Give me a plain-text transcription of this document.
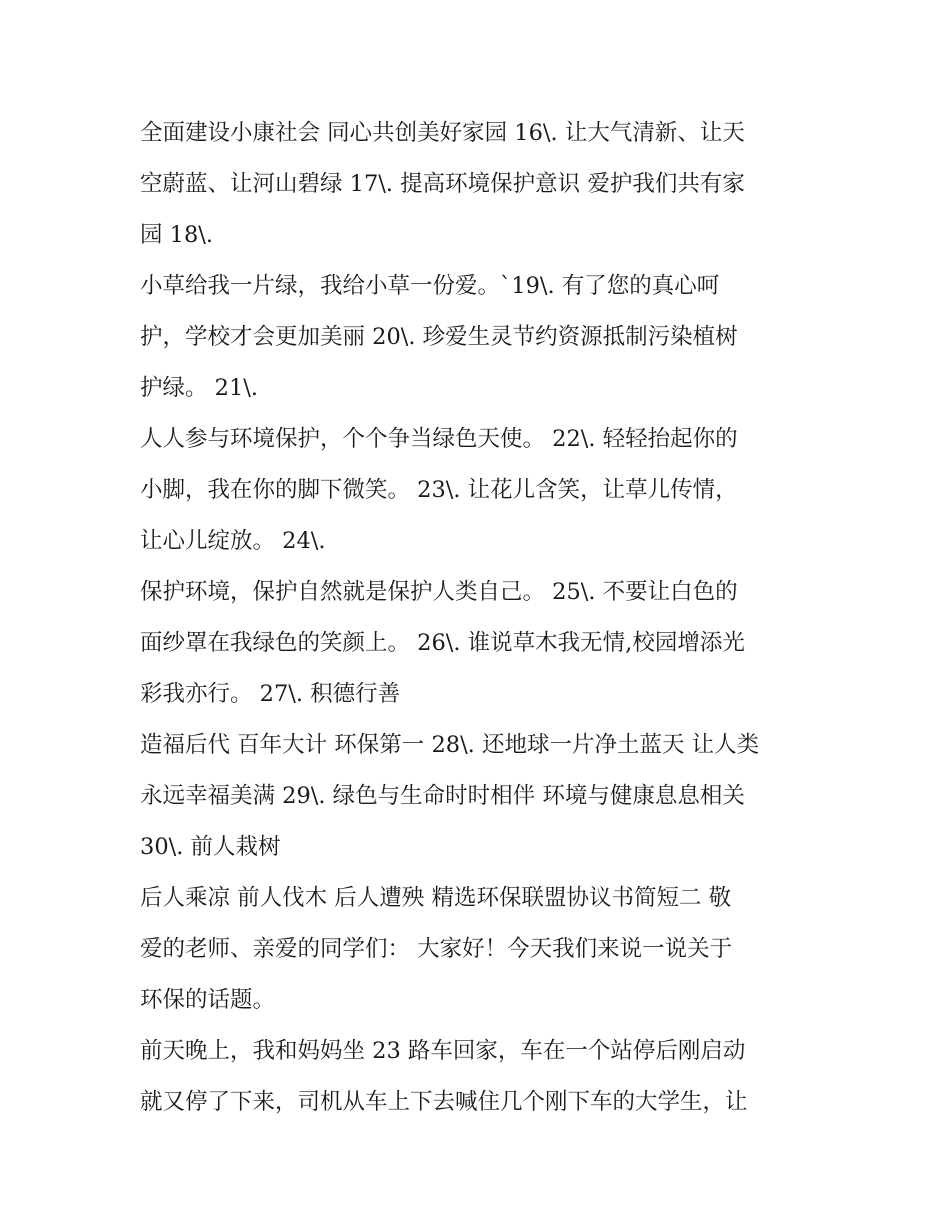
全面建设小康社会 同心共创美好家园 16\. 让大气清新、让天
空蔚蓝、让河山碧绿 17\. 提高环境保护意识 爱护我们共有家
园 18\.
小草给我一片绿，我给小草一份爱。`19\. 有了您的真心呵
护，学校才会更加美丽 20\. 珍爱生灵节约资源抵制污染植树
护绿。 21\.
人人参与环境保护，个个争当绿色天使。 22\. 轻轻抬起你的
小脚，我在你的脚下微笑。 23\. 让花儿含笑，让草儿传情，
让心儿绽放。 24\.
保护环境，保护自然就是保护人类自己。 25\. 不要让白色的
面纱罩在我绿色的笑颜上。 26\. 谁说草木我无情,校园增添光
彩我亦行。 27\. 积德行善
造福后代 百年大计 环保第一 28\. 还地球一片净土蓝天 让人类
永远幸福美满 29\. 绿色与生命时时相伴 环境与健康息息相关
30\. 前人栽树
后人乘凉 前人伐木 后人遭殃 精选环保联盟协议书简短二 敬
爱的老师、亲爱的同学们： 大家好！今天我们来说一说关于
环保的话题。
前天晚上，我和妈妈坐 23 路车回家，车在一个站停后刚启动
就又停了下来，司机从车上下去喊住几个刚下车的大学生，让
